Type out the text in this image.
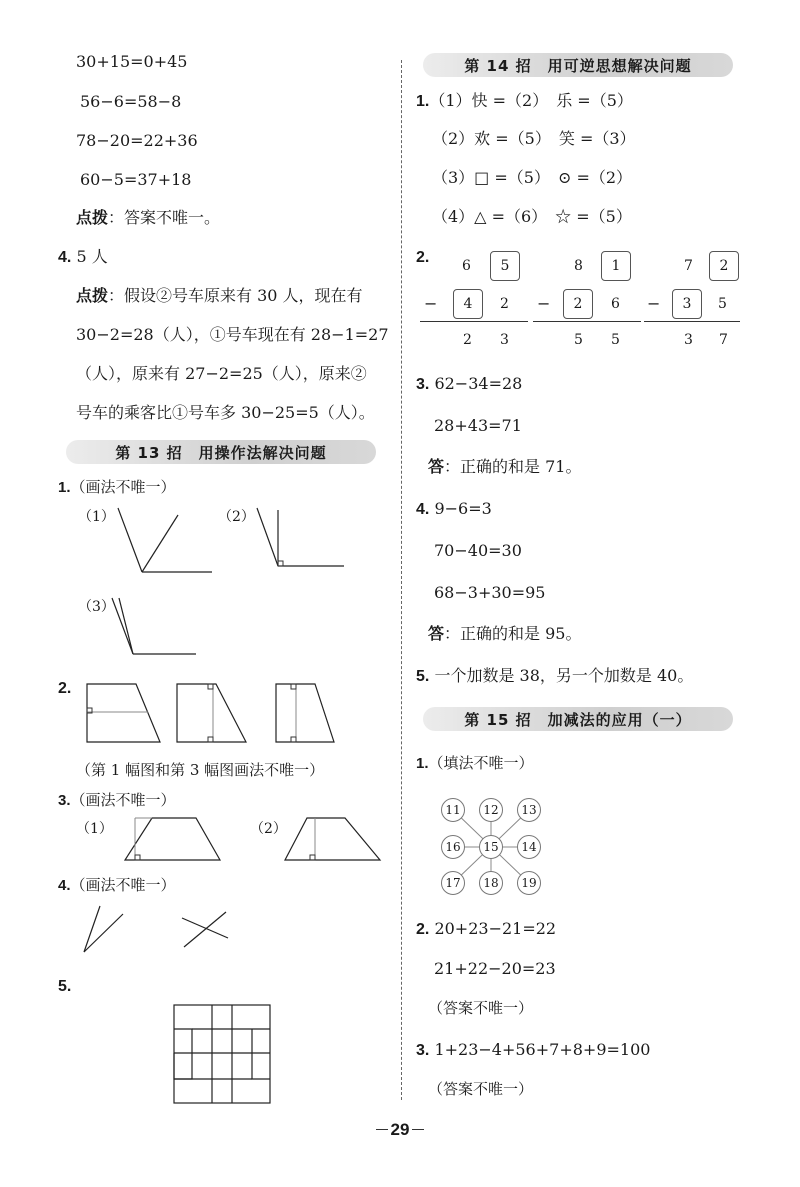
30+15=0+45
56−6=58−8
78−20=22+36
60−5=37+18
点拨：答案不唯一。
4. 5 人
点拨：假设②号车原来有 30 人，现在有
30−2=28（人），①号车现在有 28−1=27
（人），原来有 27−2=25（人），原来②
号车的乘客比①号车多 30−25=5（人）。
第 13 招　用操作法解决问题
1.（画法不唯一）
（1）	（2）
（3）
2.
（第 1 幅图和第 3 幅图画法不唯一）
3.（画法不唯一）
（1）	（2）
4.（画法不唯一）
5.
第 14 招　用可逆思想解决问题
1.（1）快 =（2）　乐 =（5）
（2）欢 =（5）　笑 =（3）
（3）□ =（5）　⊙ =（2）
（4）△ =（6）　☆ =（5）
2. 6	5
−	4	2
2 3
8	1
−	2	6
5 5
7	2
−	3	5
3 7
3. 62−34=28
28+43=71
答：正确的和是 71。
4. 9−6=3
70−40=30
68−3+30=95
答：正确的和是 95。
5. 一个加数是 38，另一个加数是 40。
第 15 招　加减法的应用（一）
1.（填法不唯一）
11	12	13
16	15	14
17	18	19
2. 20+23−21=22
21+22−20=23
（答案不唯一）
3. 1+23−4+56+7+8+9=100
（答案不唯一）
29
